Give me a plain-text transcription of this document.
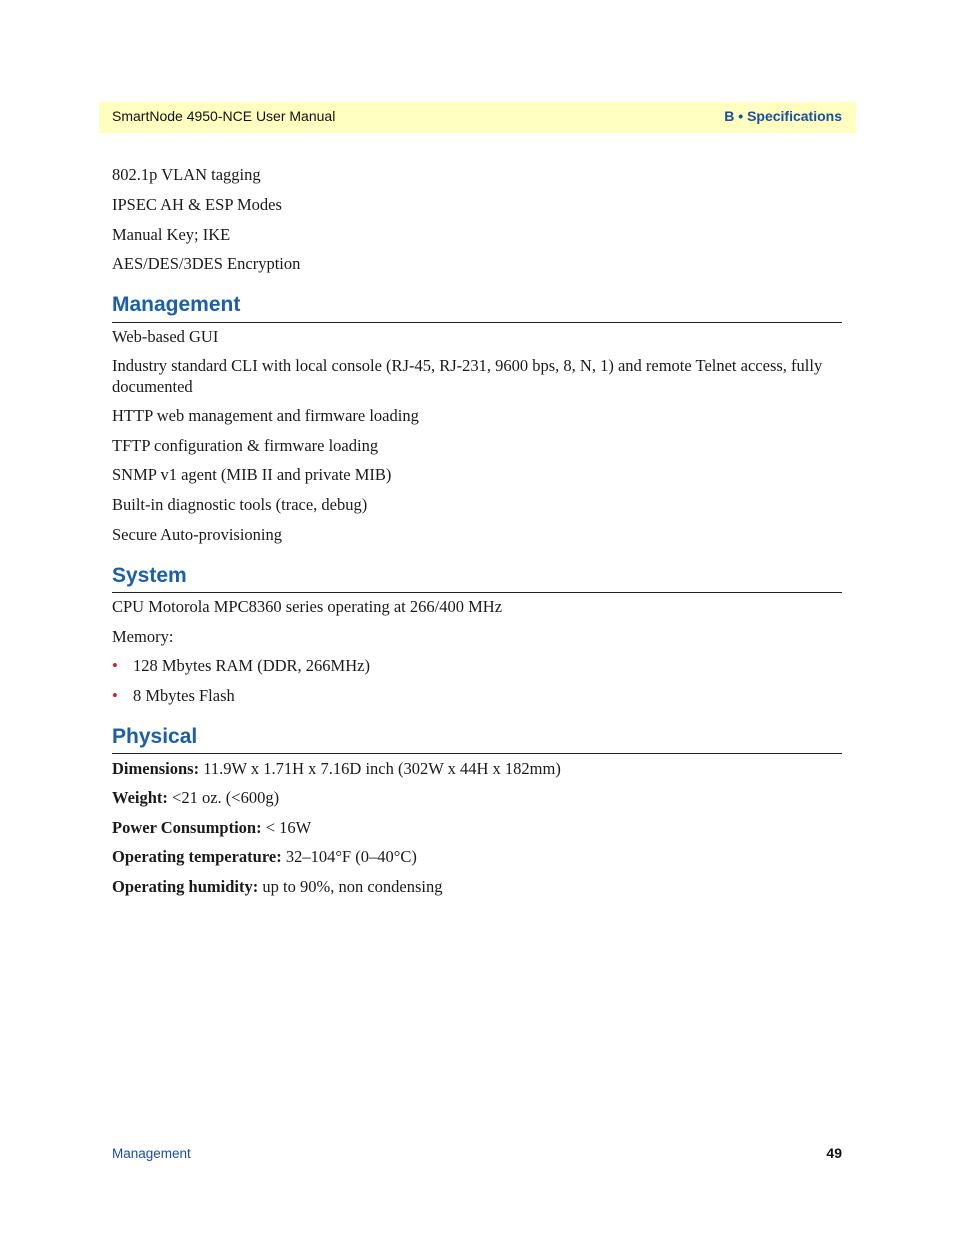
SmartNode 4950-NCE User Manual	B • Specifications
802.1p VLAN tagging
IPSEC AH & ESP Modes
Manual Key; IKE
AES/DES/3DES Encryption
Management
Web-based GUI
Industry standard CLI with local console (RJ-45, RJ-231, 9600 bps, 8, N, 1) and remote Telnet access, fully documented
HTTP web management and firmware loading
TFTP configuration & firmware loading
SNMP v1 agent (MIB II and private MIB)
Built-in diagnostic tools (trace, debug)
Secure Auto-provisioning
System
CPU Motorola MPC8360 series operating at 266/400 MHz
Memory:
• 128 Mbytes RAM (DDR, 266MHz)
• 8 Mbytes Flash
Physical
Dimensions: 11.9W x 1.71H x 7.16D inch (302W x 44H x 182mm)
Weight: <21 oz. (<600g)
Power Consumption: < 16W
Operating temperature: 32–104°F (0–40°C)
Operating humidity: up to 90%, non condensing
Management	49
